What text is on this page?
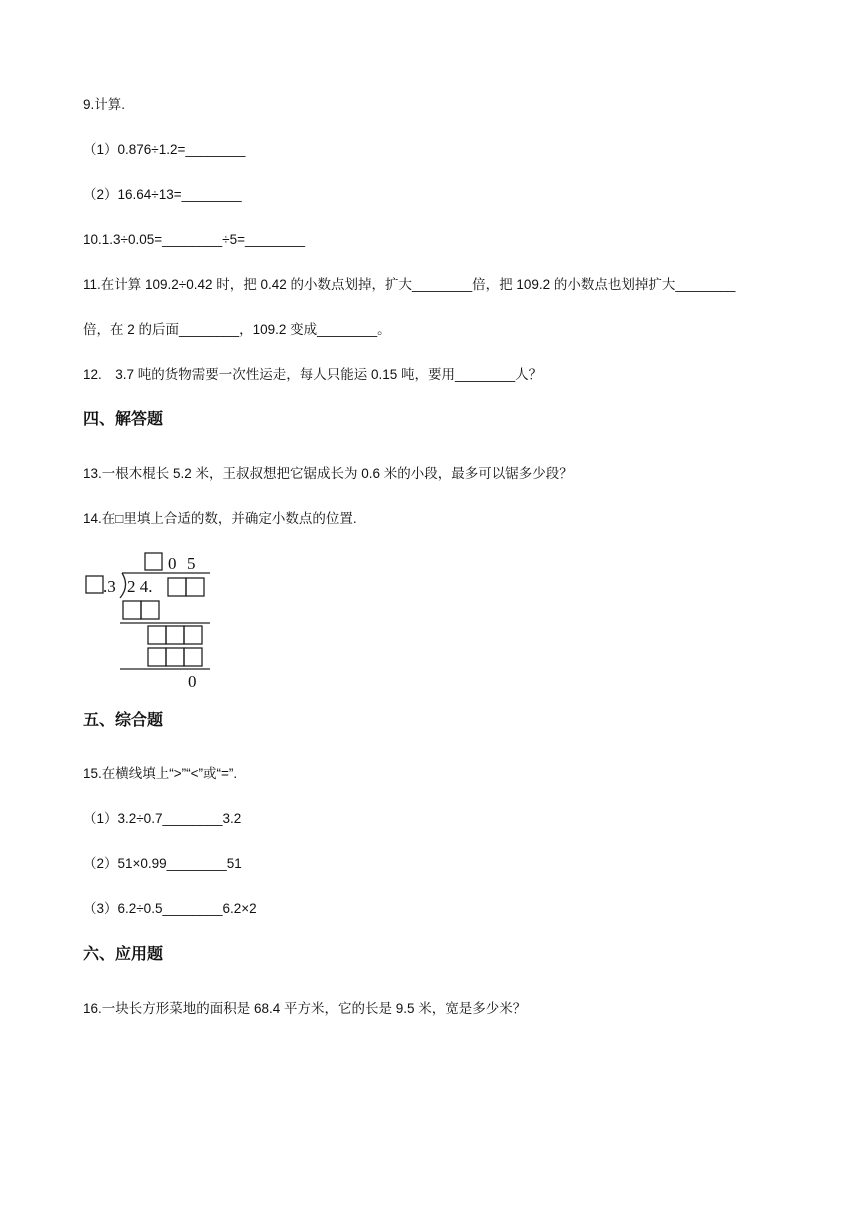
9.计算.
（1）0.876÷1.2=________
（2）16.64÷13=________
10.1.3÷0.05=________÷5=________
11.在计算 109.2÷0.42 时，把 0.42 的小数点划掉，扩大________倍，把 109.2 的小数点也划掉扩大________
倍，在 2 的后面________，109.2 变成________。
12.　3.7 吨的货物需要一次性运走，每人只能运 0.15 吨，要用________人？
四、解答题
13.一根木棍长 5.2 米，王叔叔想把它锯成长为 0.6 米的小段，最多可以锯多少段？
14.在□里填上合适的数，并确定小数点的位置.
0 5
.3 2 4.
0
五、综合题
15.在横线填上“>”“<”或“=”.
（1）3.2÷0.7________3.2
（2）51×0.99________51
（3）6.2÷0.5________6.2×2
六、应用题
16.一块长方形菜地的面积是 68.4 平方米，它的长是 9.5 米，宽是多少米？
